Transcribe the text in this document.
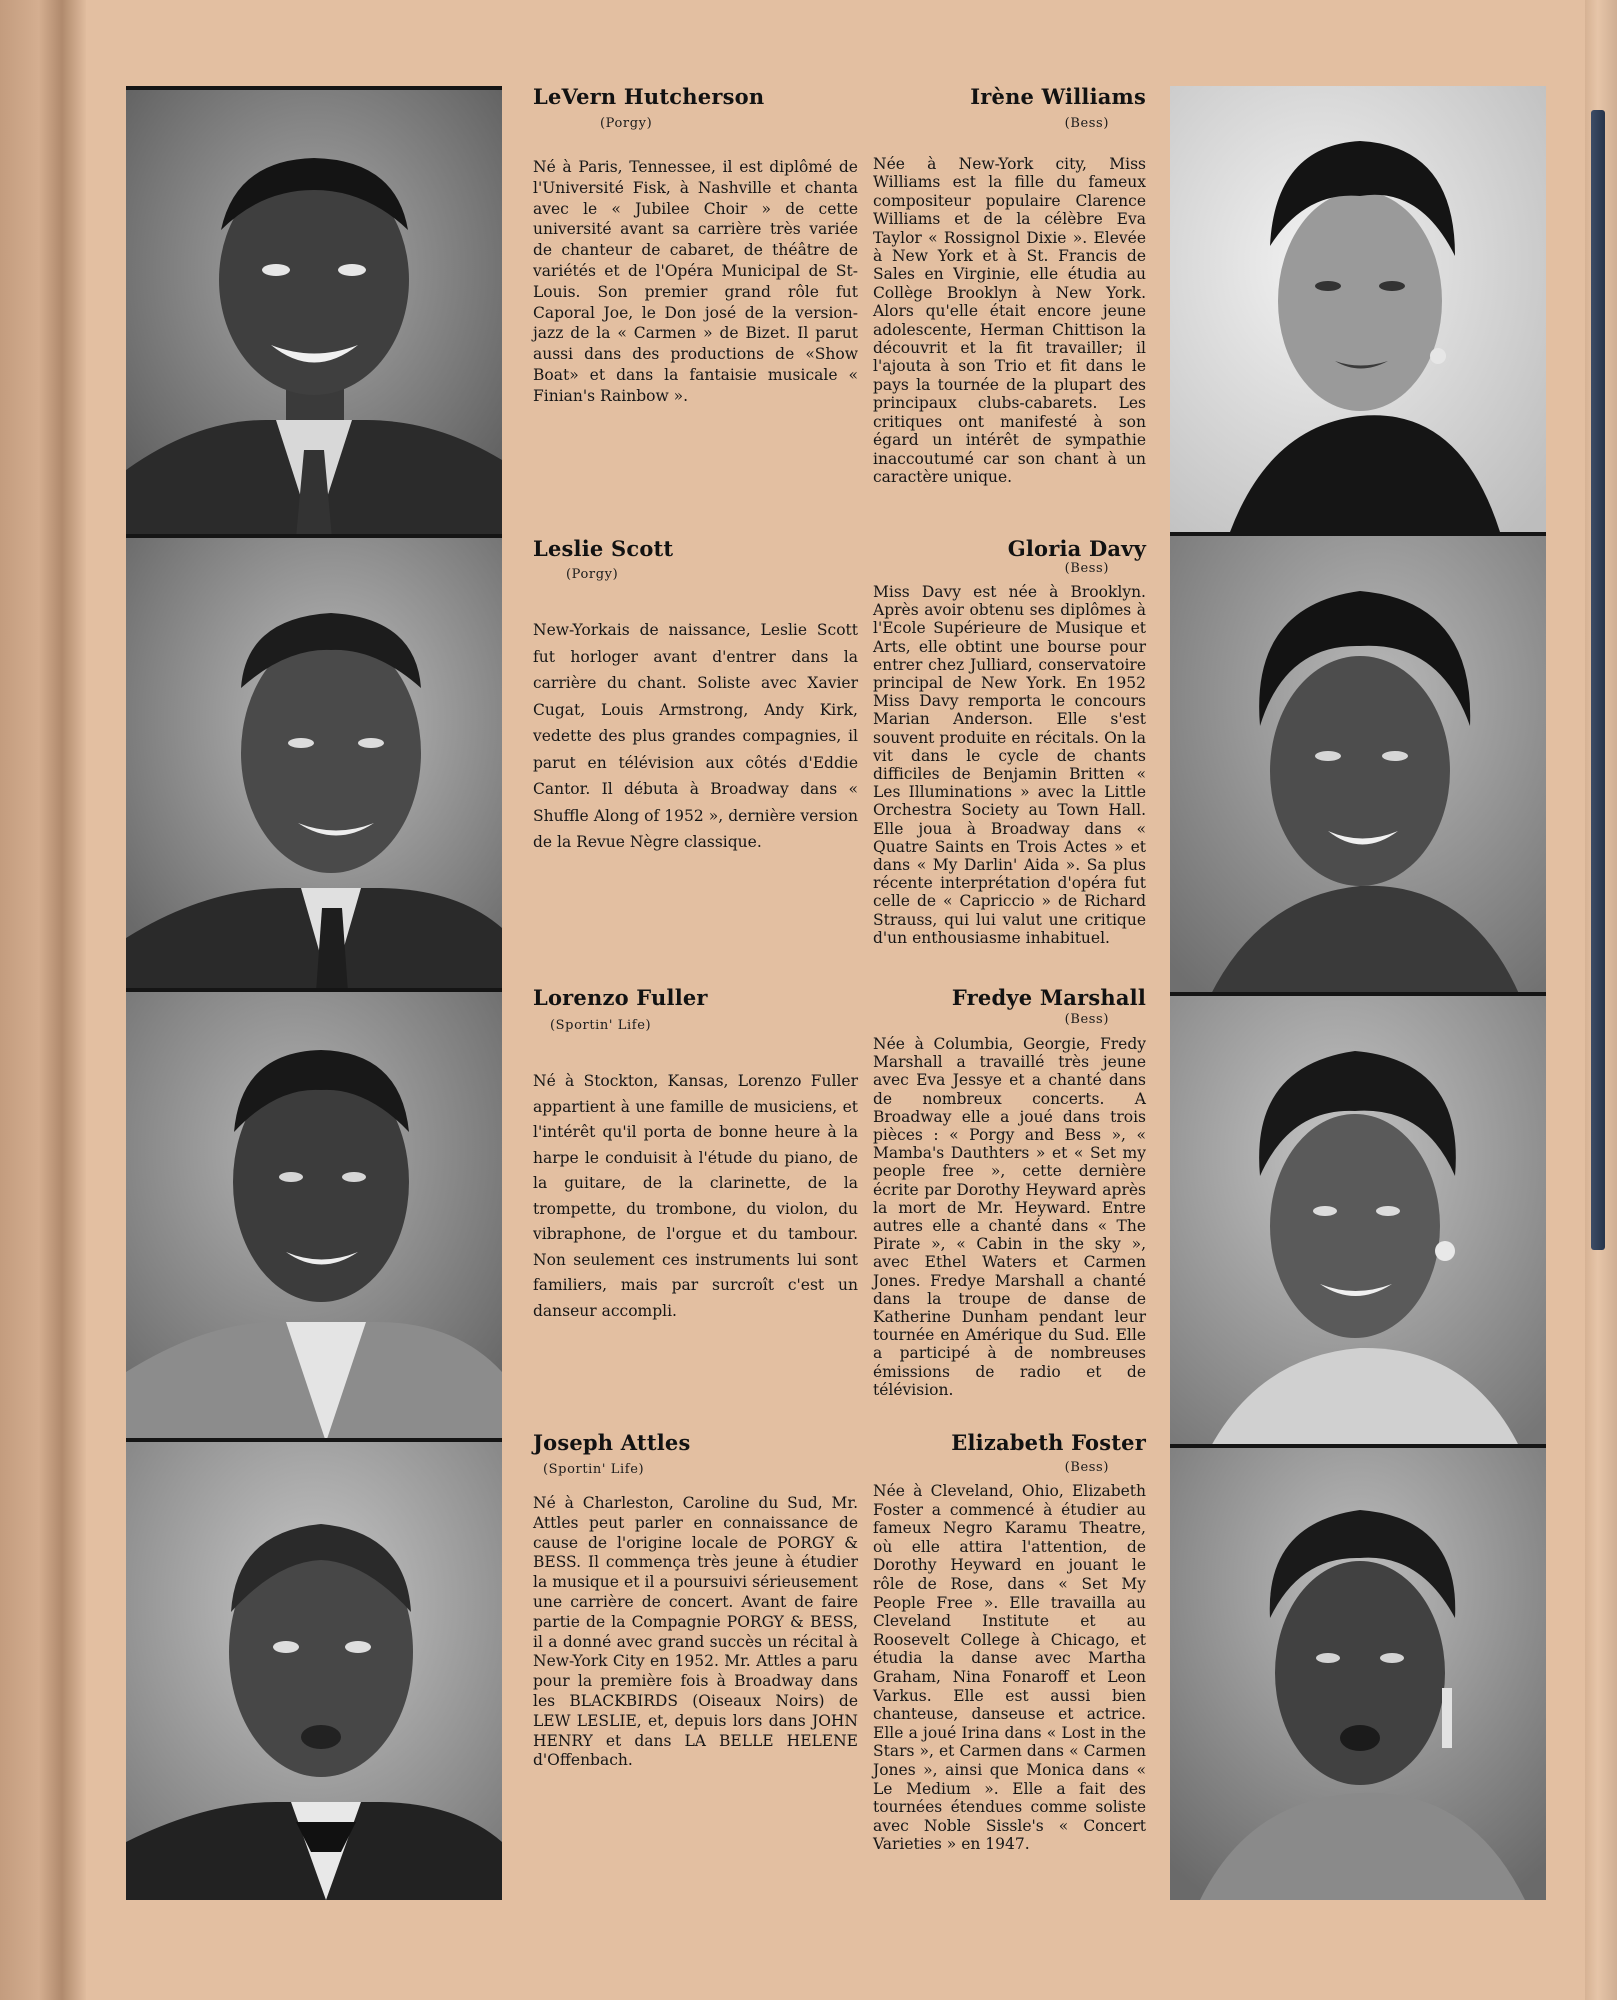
LeVern Hutcherson
(Porgy)

Né à Paris, Tennessee, il est diplômé de l'Université Fisk, à Nashville et chanta avec le « Jubilee Choir » de cette université avant sa carrière très variée de chanteur de cabaret, de théâtre de variétés et de l'Opéra Municipal de St-Louis. Son premier grand rôle fut Caporal Joe, le Don josé de la version-jazz de la « Carmen » de Bizet. Il parut aussi dans des productions de «Show Boat» et dans la fantaisie musicale « Finian's Rainbow ».

Leslie Scott
(Porgy)

New-Yorkais de naissance, Leslie Scott fut horloger avant d'entrer dans la carrière du chant. Soliste avec Xavier Cugat, Louis Armstrong, Andy Kirk, vedette des plus grandes compagnies, il parut en télévision aux côtés d'Eddie Cantor. Il débuta à Broadway dans « Shuffle Along of 1952 », dernière version de la Revue Nègre classique.

Lorenzo Fuller
(Sportin' Life)

Né à Stockton, Kansas, Lorenzo Fuller appartient à une famille de musiciens, et l'intérêt qu'il porta de bonne heure à la harpe le conduisit à l'étude du piano, de la guitare, de la clarinette, de la trompette, du trombone, du violon, du vibraphone, de l'orgue et du tambour. Non seulement ces instruments lui sont familiers, mais par surcroît c'est un danseur accompli.

Joseph Attles
(Sportin' Life)

Né à Charleston, Caroline du Sud, Mr. Attles peut parler en connaissance de cause de l'origine locale de PORGY & BESS. Il commença très jeune à étudier la musique et il a poursuivi sérieusement une carrière de concert. Avant de faire partie de la Compagnie PORGY & BESS, il a donné avec grand succès un récital à New-York City en 1952. Mr. Attles a paru pour la première fois à Broadway dans les BLACKBIRDS (Oiseaux Noirs) de LEW LESLIE, et, depuis lors dans JOHN HENRY et dans LA BELLE HELENE d'Offenbach.

Irène Williams
(Bess)

Née à New-York city, Miss Williams est la fille du fameux compositeur populaire Clarence Williams et de la célèbre Eva Taylor « Rossignol Dixie ». Elevée à New York et à St. Francis de Sales en Virginie, elle étudia au Collège Brooklyn à New York. Alors qu'elle était encore jeune adolescente, Herman Chittison la découvrit et la fit travailler; il l'ajouta à son Trio et fit dans le pays la tournée de la plupart des principaux clubs-cabarets. Les critiques ont manifesté à son égard un intérêt de sympathie inaccoutumé car son chant à un caractère unique.

Gloria Davy
(Bess)

Miss Davy est née à Brooklyn. Après avoir obtenu ses diplômes à l'Ecole Supérieure de Musique et Arts, elle obtint une bourse pour entrer chez Julliard, conservatoire principal de New York. En 1952 Miss Davy remporta le concours Marian Anderson. Elle s'est souvent produite en récitals. On la vit dans le cycle de chants difficiles de Benjamin Britten « Les Illuminations » avec la Little Orchestra Society au Town Hall. Elle joua à Broadway dans « Quatre Saints en Trois Actes » et dans « My Darlin' Aida ». Sa plus récente interprétation d'opéra fut celle de « Capriccio » de Richard Strauss, qui lui valut une critique d'un enthousiasme inhabituel.

Fredye Marshall
(Bess)

Née à Columbia, Georgie, Fredy Marshall a travaillé très jeune avec Eva Jessye et a chanté dans de nombreux concerts. A Broadway elle a joué dans trois pièces : « Porgy and Bess », « Mamba's Dauthters » et « Set my people free », cette dernière écrite par Dorothy Heyward après la mort de Mr. Heyward. Entre autres elle a chanté dans « The Pirate », « Cabin in the sky », avec Ethel Waters et Carmen Jones. Fredye Marshall a chanté dans la troupe de danse de Katherine Dunham pendant leur tournée en Amérique du Sud. Elle a participé à de nombreuses émissions de radio et de télévision.

Elizabeth Foster
(Bess)

Née à Cleveland, Ohio, Elizabeth Foster a commencé à étudier au fameux Negro Karamu Theatre, où elle attira l'attention, de Dorothy Heyward en jouant le rôle de Rose, dans « Set My People Free ». Elle travailla au Cleveland Institute et au Roosevelt College à Chicago, et étudia la danse avec Martha Graham, Nina Fonaroff et Leon Varkus. Elle est aussi bien chanteuse, danseuse et actrice. Elle a joué Irina dans « Lost in the Stars », et Carmen dans « Carmen Jones », ainsi que Monica dans « Le Medium ». Elle a fait des tournées étendues comme soliste avec Noble Sissle's « Concert Varieties » en 1947.
